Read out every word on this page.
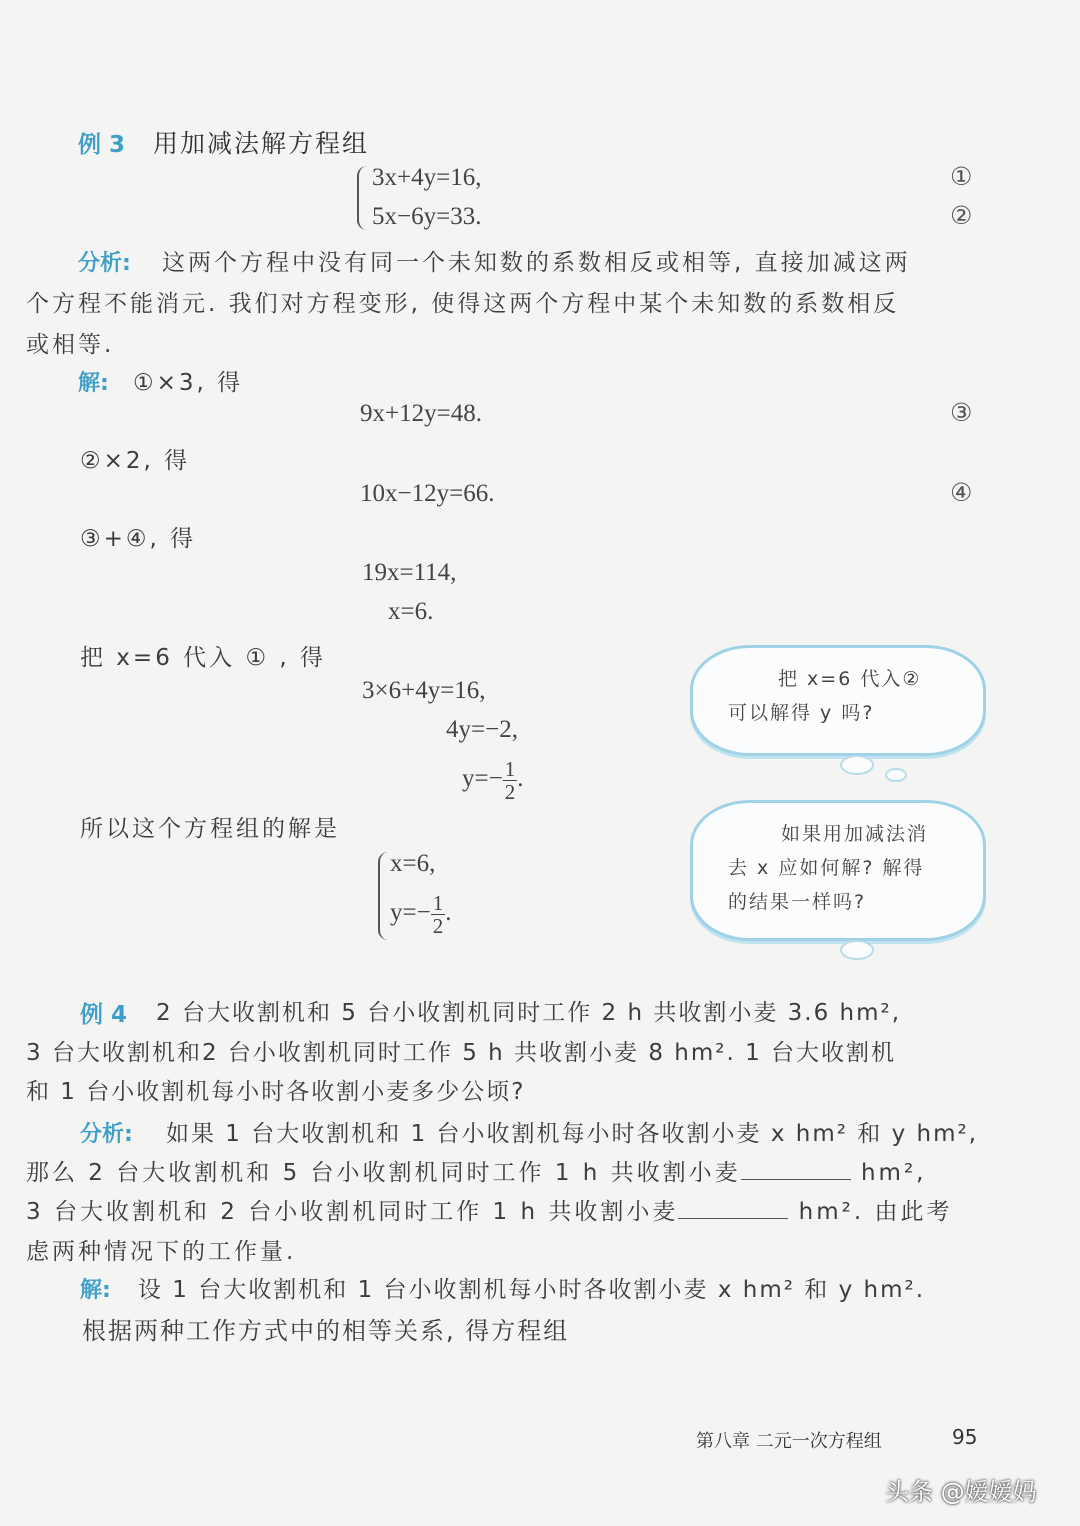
例 3 用加减法解方程组
3x+4y=16,
5x−6y=33.
①
②
分析: 这两个方程中没有同一个未知数的系数相反或相等, 直接加减这两
个方程不能消元. 我们对方程变形, 使得这两个方程中某个未知数的系数相反
或相等.
解: ①×3, 得
9x+12y=48.	③
②×2, 得
10x−12y=66.	④
③+④, 得
19x=114,
x=6.
把 x=6 代入 ① , 得
3×6+4y=16,
4y=−2,
$y=- \frac{1}{2}$ .
所以这个方程组的解是
x=6,
$y=- \frac{1}{2}$ .
把 x=6 代入②
可以解得 y 吗?
如果用加减法消
去 x 应如何解? 解得
的结果一样吗?
例 4 2 台大收割机和 5 台小收割机同时工作 2 h 共收割小麦 3.6 hm²,
3 台大收割机和2 台小收割机同时工作 5 h 共收割小麦 8 hm². 1 台大收割机
和 1 台小收割机每小时各收割小麦多少公顷?
分析: 如果 1 台大收割机和 1 台小收割机每小时各收割小麦 x hm² 和 y hm²,
那么 2 台大收割机和 5 台小收割机同时工作 1 h 共收割小麦	hm²,
3 台大收割机和 2 台小收割机同时工作 1 h 共收割小麦	hm². 由此考
虑两种情况下的工作量.
解: 设 1 台大收割机和 1 台小收割机每小时各收割小麦 x hm² 和 y hm².
根据两种工作方式中的相等关系, 得方程组
第八章 二元一次方程组	95
头条 @嫒嫒妈
